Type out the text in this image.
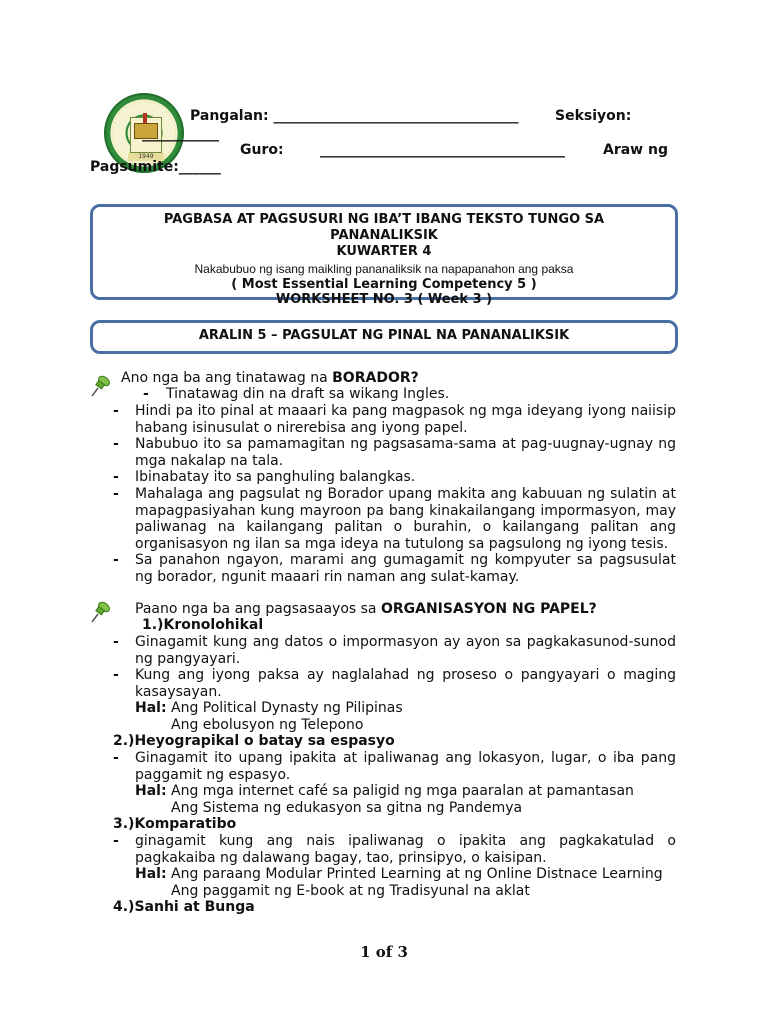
1949
Pangalan: ___________________________________	Seksiyon:
___________
Guro:	___________________________________	Araw ng
Pagsumite:______
PAGBASA AT PAGSUSURI NG IBA’T IBANG TEKSTO TUNGO SA
PANANALIKSIK
KUWARTER 4
Nakabubuo ng isang maikling pananaliksik na napapanahon ang paksa
( Most Essential Learning Competency 5 )
WORKSHEET NO. 3 ( Week 3 )
ARALIN 5 – PAGSULAT NG PINAL NA PANANALIKSIK
Ano nga ba ang tinatawag na BORADOR?
- Tinatawag din na draft sa wikang Ingles.
- Hindi pa ito pinal at maaari ka pang magpasok ng mga ideyang iyong naiisip habang isinusulat o nirerebisa ang iyong papel.
- Nabubuo ito sa pamamagitan ng pagsasama-sama at pag-uugnay-ugnay ng mga nakalap na tala.
- Ibinabatay ito sa panghuling balangkas.
- Mahalaga ang pagsulat ng Borador upang makita ang kabuuan ng sulatin at mapagpasiyahan kung mayroon pa bang kinakailangang impormasyon, may paliwanag na kailangang palitan o burahin, o kailangang palitan ang organisasyon ng ilan sa mga ideya na tutulong sa pagsulong ng iyong tesis.
- Sa panahon ngayon, marami ang gumagamit ng kompyuter sa pagsusulat ng borador, ngunit maaari rin naman ang sulat-kamay.
Paano nga ba ang pagsasaayos sa ORGANISASYON NG PAPEL?
1.)Kronolohikal
- Ginagamit kung ang datos o impormasyon ay ayon sa pagkakasunod-sunod ng pangyayari.
- Kung ang iyong paksa ay naglalahad ng proseso o pangyayari o maging kasaysayan.
Hal: Ang Political Dynasty ng Pilipinas
Ang ebolusyon ng Telepono
2.)Heyograpikal o batay sa espasyo
- Ginagamit ito upang ipakita at ipaliwanag ang lokasyon, lugar, o iba pang paggamit ng espasyo.
Hal: Ang mga internet café sa paligid ng mga paaralan at pamantasan
Ang Sistema ng edukasyon sa gitna ng Pandemya
3.)Komparatibo
- ginagamit kung ang nais ipaliwanag o ipakita ang pagkakatulad o pagkakaiba ng dalawang bagay, tao, prinsipyo, o kaisipan.
Hal: Ang paraang Modular Printed Learning at ng Online Distnace Learning
Ang paggamit ng E-book at ng Tradisyunal na aklat
4.)Sanhi at Bunga
1 of 3
